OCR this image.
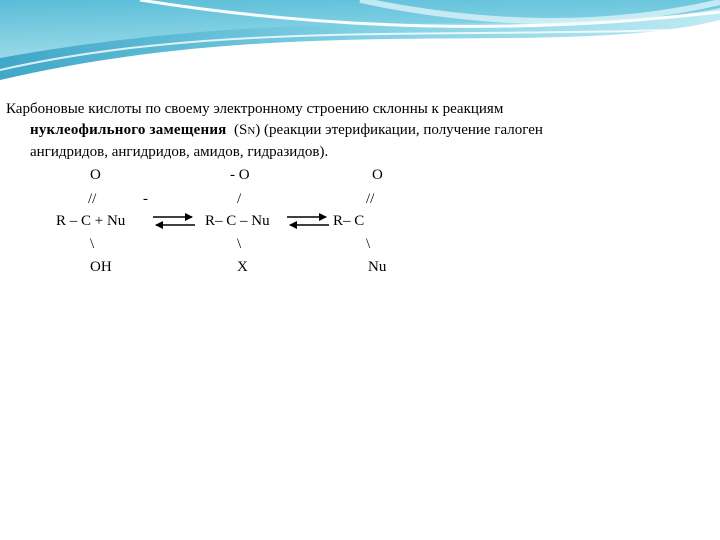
Карбоновые кислоты по своему электронному строению склонны к реакциям
нуклеофильного замещения (SN) (реакции этерификации, получение галоген
ангидридов, ангидридов, амидов, гидразидов).
O
//	-
R – C + Nu
\
OH
- O
/
R– C – Nu
\
X
O
//
R– C
\
Nu
